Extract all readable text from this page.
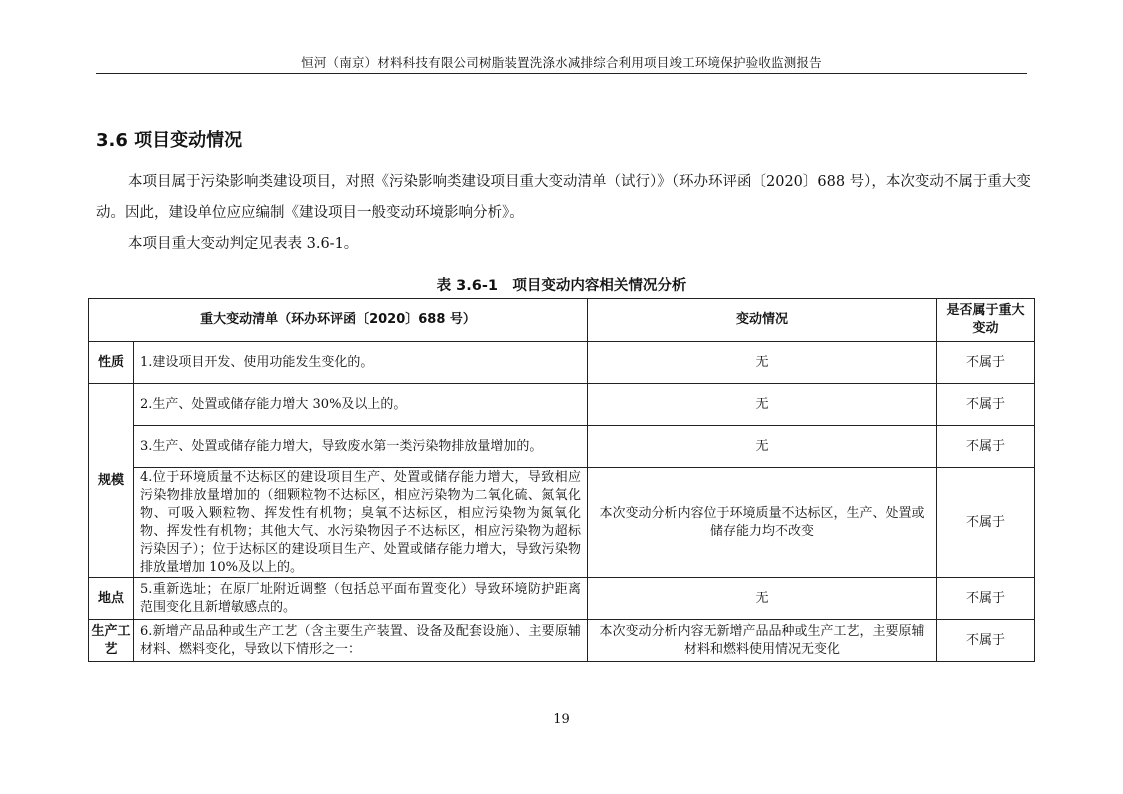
恒河（南京）材料科技有限公司树脂装置洗涤水减排综合利用项目竣工环境保护验收监测报告
3.6 项目变动情况
本项目属于污染影响类建设项目，对照《污染影响类建设项目重大变动清单（试行）》（环办环评函〔2020〕688 号），本次变动不属于重大变动。因此，建设单位应应编制《建设项目一般变动环境影响分析》。
本项目重大变动判定见表表 3.6-1。
表 3.6-1　项目变动内容相关情况分析
重大变动清单（环办环评函〔2020〕688 号）		变动情况	是否属于重大变动
性质	1.建设项目开发、使用功能发生变化的。	无	不属于
规模	2.生产、处置或储存能力增大 30%及以上的。	无	不属于
	3.生产、处置或储存能力增大，导致废水第一类污染物排放量增加的。	无	不属于
	4.位于环境质量不达标区的建设项目生产、处置或储存能力增大，导致相应污染物排放量增加的（细颗粒物不达标区，相应污染物为二氧化硫、氮氧化物、可吸入颗粒物、挥发性有机物；臭氧不达标区，相应污染物为氮氧化物、挥发性有机物；其他大气、水污染物因子不达标区，相应污染物为超标污染因子）；位于达标区的建设项目生产、处置或储存能力增大，导致污染物排放量增加 10%及以上的。	本次变动分析内容位于环境质量不达标区，生产、处置或储存能力均不改变	不属于
地点	5.重新选址；在原厂址附近调整（包括总平面布置变化）导致环境防护距离范围变化且新增敏感点的。	无	不属于
生产工艺	6.新增产品品种或生产工艺（含主要生产装置、设备及配套设施）、主要原辅材料、燃料变化，导致以下情形之一：	本次变动分析内容无新增产品品种或生产工艺，主要原辅材料和燃料使用情况无变化	不属于
19
